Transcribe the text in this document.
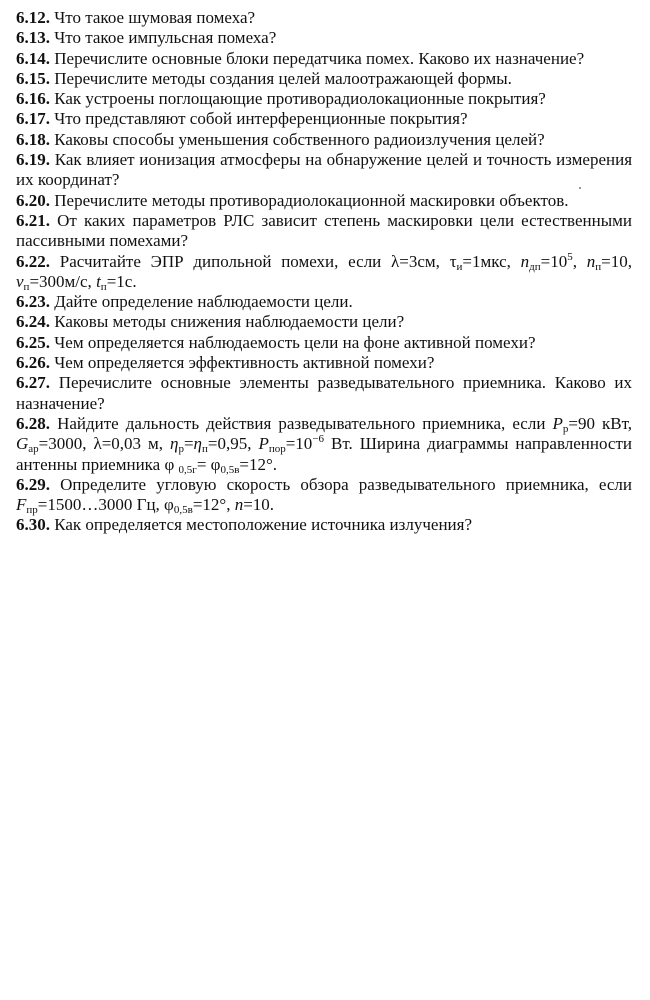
6.12. Что такое шумовая помеха?
6.13. Что такое импульсная помеха?
6.14. Перечислите основные блоки передатчика помех. Каково их назначение?
6.15. Перечислите методы создания целей малоотражающей формы.
6.16. Как устроены поглощающие противорадиолокационные покрытия?
6.17. Что представляют собой интерференционные покрытия?
6.18. Каковы способы уменьшения собственного радиоизлучения целей?
6.19. Как влияет ионизация атмосферы на обнаружение целей и точность измерения их координат?
6.20. Перечислите методы противорадиолокационной маскировки объектов.
6.21. От каких параметров РЛС зависит степень маскировки цели естественными пассивными помехами?
6.22. Расчитайте ЭПР дипольной помехи, если λ=3см, $\tau_и=1мкс$, $n_{дп}=10^5$, $n_п=10$, $v_п=300м/с$, $t_п=1с$.
6.23. Дайте определение наблюдаемости цели.
6.24. Каковы методы снижения наблюдаемости цели?
6.25. Чем определяется наблюдаемость цели на фоне активной помехи?
6.26. Чем определяется эффективность активной помехи?
6.27. Перечислите основные элементы разведывательного приемника. Каково их назначение?
6.28. Найдите дальность действия разведывательного приемника, если $P_р=90$ кВт, $G_{ар}=3000$, λ=0,03 м, $\eta_р=\eta_п=0,95$, $P_{пор}=10^{-6}$ Вт. Ширина диаграммы направленности антенны приемника φ $_{0,5г}= \varphi_{0,5в}=12^\circ$.
6.29. Определите угловую скорость обзора разведывательного приемника, если $F_{пр}=1500\dots 3000$ Гц, $\varphi_{0,5в}=12^\circ$, n=10.
6.30. Как определяется местоположение источника излучения?
